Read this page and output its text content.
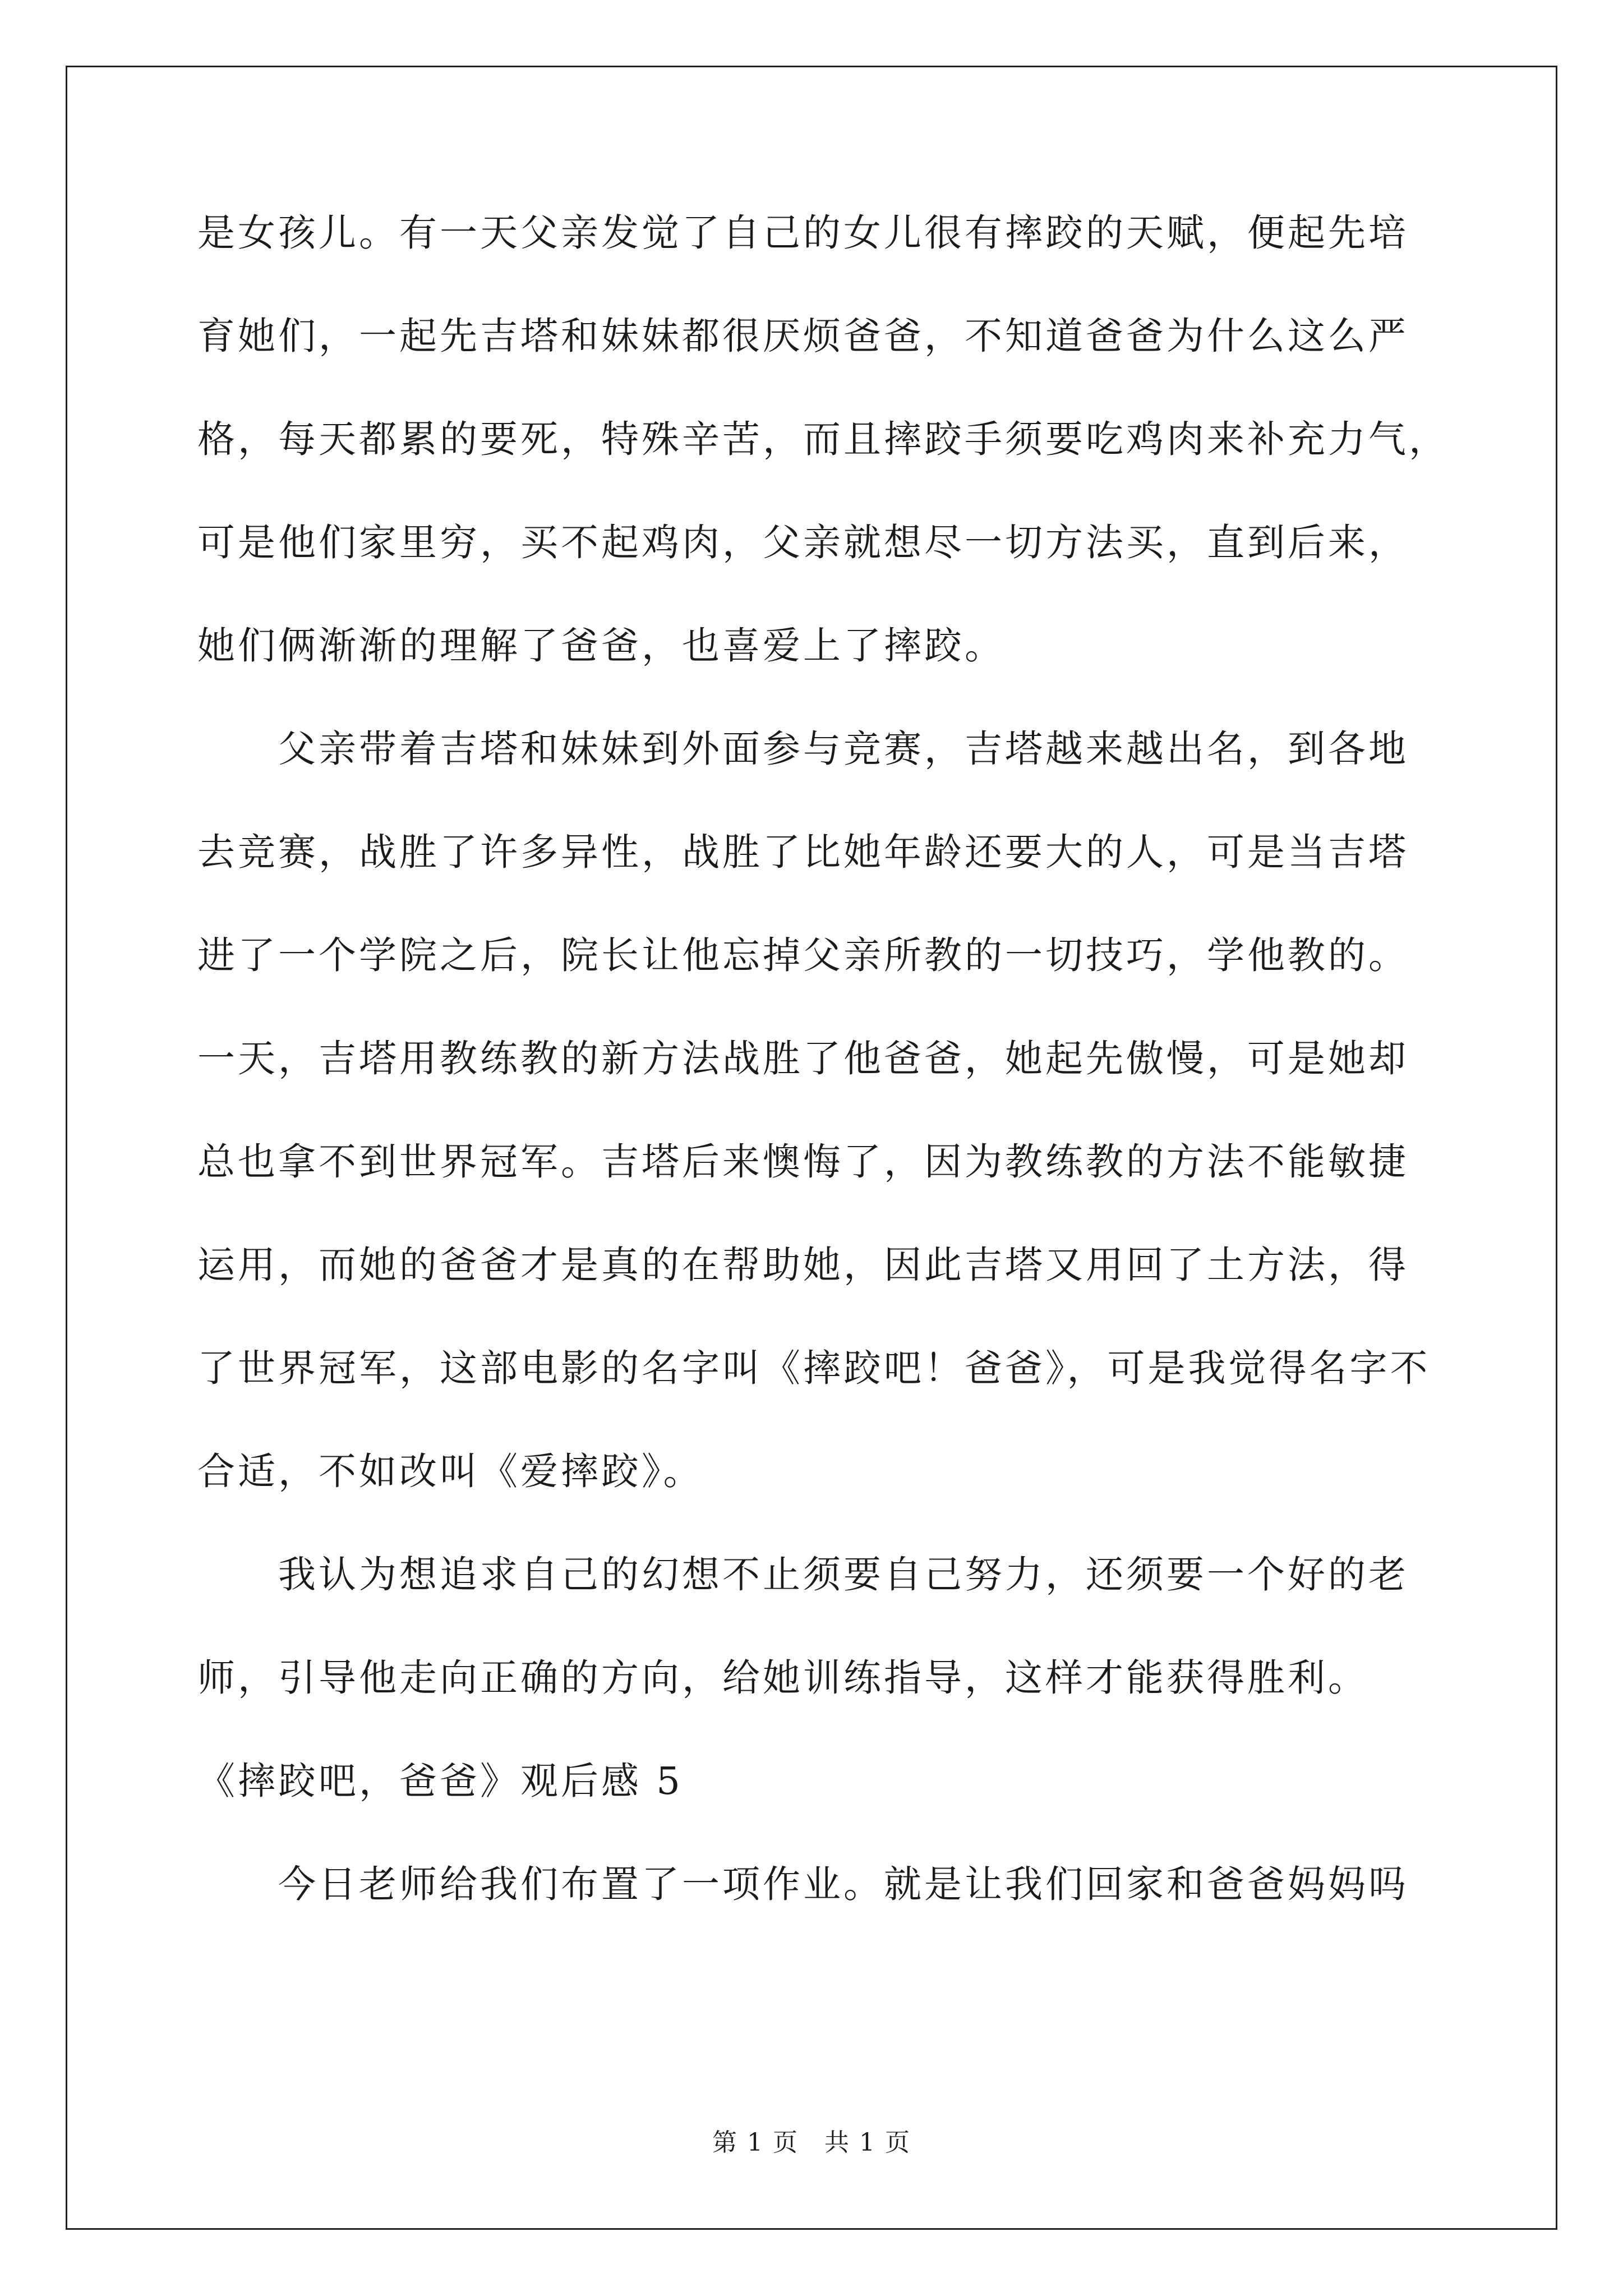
是女孩儿。有一天父亲发觉了自己的女儿很有摔跤的天赋，便起先培
育她们，一起先吉塔和妹妹都很厌烦爸爸，不知道爸爸为什么这么严
格，每天都累的要死，特殊辛苦，而且摔跤手须要吃鸡肉来补充力气，
可是他们家里穷，买不起鸡肉，父亲就想尽一切方法买，直到后来，
她们俩渐渐的理解了爸爸，也喜爱上了摔跤。
　　父亲带着吉塔和妹妹到外面参与竞赛，吉塔越来越出名，到各地
去竞赛，战胜了许多异性，战胜了比她年龄还要大的人，可是当吉塔
进了一个学院之后，院长让他忘掉父亲所教的一切技巧，学他教的。
一天，吉塔用教练教的新方法战胜了他爸爸，她起先傲慢，可是她却
总也拿不到世界冠军。吉塔后来懊悔了，因为教练教的方法不能敏捷
运用，而她的爸爸才是真的在帮助她，因此吉塔又用回了土方法，得
了世界冠军，这部电影的名字叫《摔跤吧！爸爸》，可是我觉得名字不
合适，不如改叫《爱摔跤》。
　　我认为想追求自己的幻想不止须要自己努力，还须要一个好的老
师，引导他走向正确的方向，给她训练指导，这样才能获得胜利。
《摔跤吧，爸爸》观后感 5
　　今日老师给我们布置了一项作业。就是让我们回家和爸爸妈妈吗
第 1 页　共 1 页
